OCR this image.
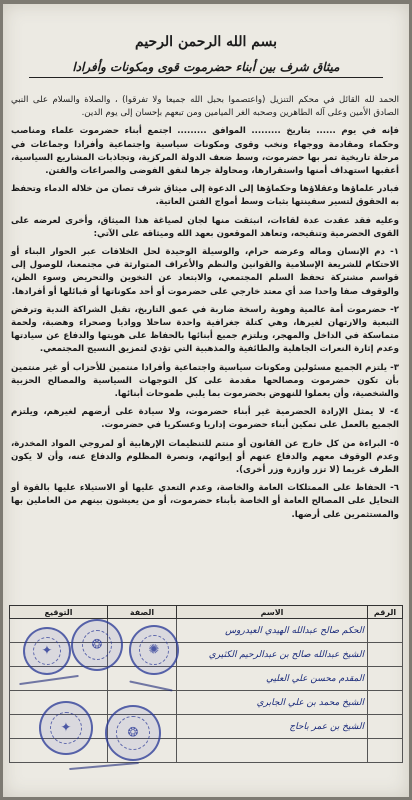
بسم الله الرحمن الرحيم
ميثاق شرف بين أبناء حضرموت قوى ومكونات وأفرادا

الحمد لله القائل في محكم التنزيل (واعتصموا بحبل الله جميعا ولا تفرقوا) ، والصلاة والسلام على النبي الصادق الأمين وعلى آله الطاهرين وصحبه الغر الميامين ومن تبعهم بإحسان إلى يوم الدين.

فإنه في يوم ...... بتاريخ ......... الموافق ......... اجتمع أبناء حضرموت علماء ومناصب وحكماء ومقادمة ووجهاء ونخب وقوى ومكونات سياسية واجتماعية وأفرادا وجماعات في مرحلة تاريخية تمر بها حضرموت، وسط ضعف الدولة المركزية، وتجاذبات المشاريع السياسية، أعقبها استهداف أمنها واستقرارها، ومحاولة جرها لنفق الفوضى والصراعات والفتن.

فبادر علماؤها وعقلاؤها وحكماؤها إلى الدعوة إلى ميثاق شرف تصان من خلاله الدماء وتحفظ به الحقوق لتسير سفينتها بثبات وسط أمواج الفتن العاتية.

وعليه فقد عقدت عدة لقاءات، انبثقت منها لجان لصياغة هذا الميثاق، وأخرى لعرضه على القوى الحضرمية وتنقيحه، وتعاهد الموقعون بعهد الله وميثاقه على الآتي:

١- دم الإنسان وماله وعرضه حرام، والوسيلة الوحيدة لحل الخلافات عبر الحوار البناء أو الاحتكام للشريعة الإسلامية والقوانين والنظم والأعراف المتوارثة في مجتمعنا، للوصول إلى قواسم مشتركة تحفظ السلم المجتمعي، والابتعاد عن التخوين والتحريض وسوء الظن، والوقوف صفا واحدا ضد أي معتد خارجي على حضرموت أو أحد مكوناتها أو قبائلها أو أفرادها.

٢- حضرموت أمة عالمية وهوية راسخة ضاربة في عمق التاريخ، تقبل الشراكة الندية وترفض التبعية والارتهان لغيرها، وهي كتلة جغرافية واحدة ساحلا وواديا وصحراء وهضبة، ولحمة متماسكة في الداخل والمهجر، ويلتزم جميع أبنائها بالحفاظ على هويتها والدفاع عن سيادتها وعدم إثارة النعرات الجاهلية والطائفية والمذهبية التي تؤدي لتمزيق النسيج المجتمعي.

٣- يلتزم الجميع مسئولين ومكونات سياسية واجتماعية وأفرادا منتمين للأحزاب أو غير منتمين بأن تكون حضرموت ومصالحها مقدمة على كل التوجهات السياسية والمصالح الحزبية والشخصية، وأن يعملوا للنهوض بحضرموت بما يلبي طموحات أبنائها.

٤- لا يمثل الإرادة الحضرمية غير أبناء حضرموت، ولا سيادة على أرضهم لغيرهم، ويلتزم الجميع بالعمل على تمكين أبناء حضرموت إداريا وعسكريا في حضرموت.

٥- البراءة من كل خارج عن القانون أو منتم للتنظيمات الإرهابية أو لمروجي المواد المخدرة، وعدم الوقوف معهم والدفاع عنهم أو إيوائهم، ونصرة المظلوم والدفاع عنه، وأن لا يكون الطرف غريما (لا تزر وازرة وزر أخرى).

٦- الحفاظ على الممتلكات العامة والخاصة، وعدم التعدي عليها أو الاستيلاء عليها بالقوة أو التحايل على المصالح العامة أو الخاصة بأبناء حضرموت، أو من يعيشون بينهم من العاملين بها والمستثمرين على أرضها.

الرقم	الاسم	الصفة	التوقيع
	الحكم صالح عبدالله الهيدي العيدروس		
	الشيخ عبدالله صالح بن عبدالرحيم الكثيري		
	المقدم محسن علي العليي		
	الشيخ محمد بن علي الجابري		
	الشيخ بن عمر باحاج		

✦	❂	✺
✦	❂
